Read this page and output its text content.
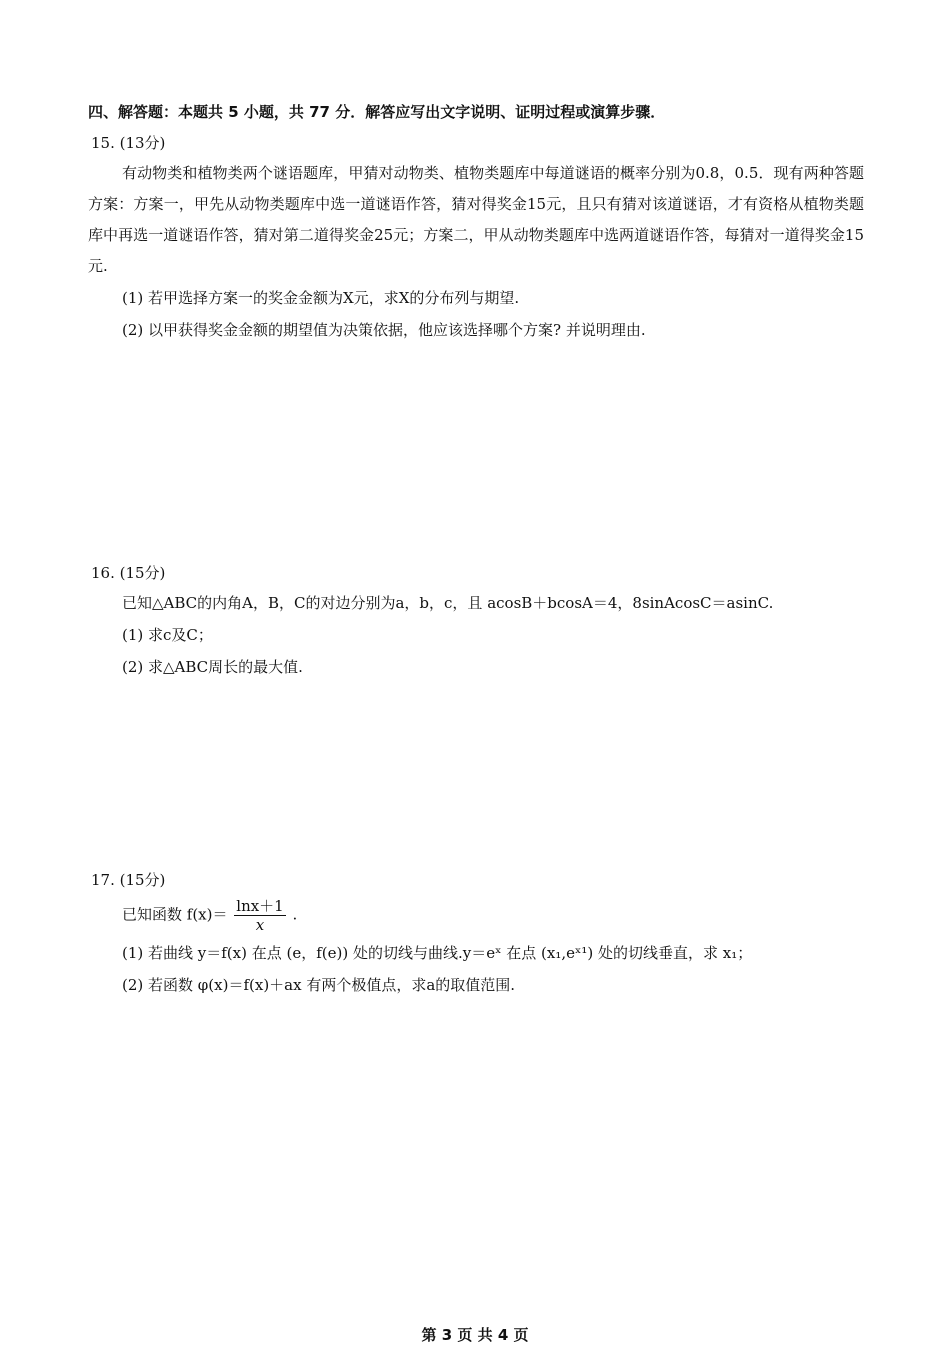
四、解答题：本题共 5 小题，共 77 分．解答应写出文字说明、证明过程或演算步骤．

15. (13分)

有动物类和植物类两个谜语题库，甲猜对动物类、植物类题库中每道谜语的概率分别为0.8，0.5．现有两种答题方案：方案一，甲先从动物类题库中选一道谜语作答，猜对得奖金15元，且只有猜对该道谜语，才有资格从植物类题库中再选一道谜语作答，猜对第二道得奖金25元；方案二，甲从动物类题库中选两道谜语作答，每猜对一道得奖金15元.

(1) 若甲选择方案一的奖金金额为X元，求X的分布列与期望.

(2) 以甲获得奖金金额的期望值为决策依据，他应该选择哪个方案? 并说明理由.

16. (15分)

已知△ABC的内角A，B，C的对边分别为a，b，c，且 acosB＋bcosA＝4，8sinAcosC＝asinC.

(1) 求c及C；

(2) 求△ABC周长的最大值.

17. (15分)

已知函数 $f(x)= \frac{\ln x+1}{x}$ .

(1) 若曲线 y＝f(x) 在点 (e，f(e)) 处的切线与曲线.y＝eˣ 在点 (x₁,eˣ¹) 处的切线垂直，求 x₁；

(2) 若函数 φ(x)＝f(x)＋ax 有两个极值点，求a的取值范围.

第 3 页 共 4 页
